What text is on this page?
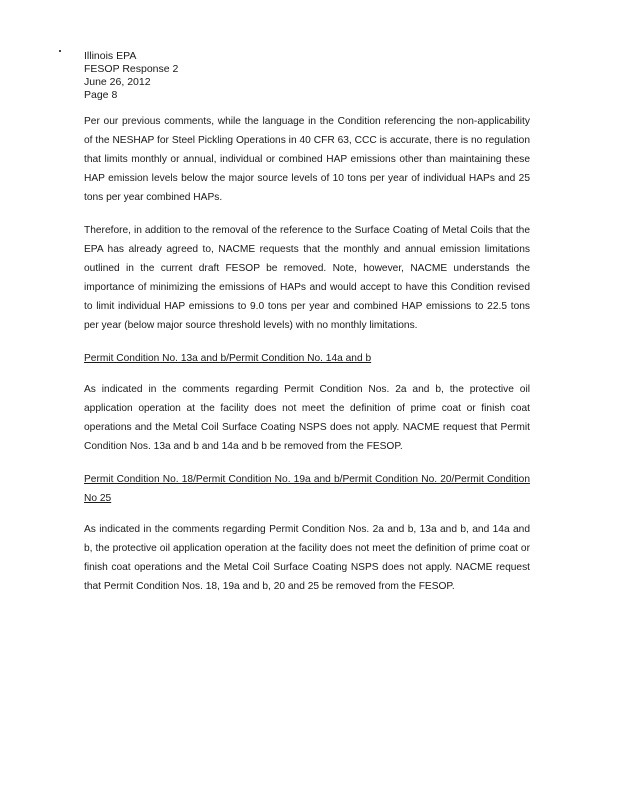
Illinois EPA
FESOP Response 2
June 26, 2012
Page 8

Per our previous comments, while the language in the Condition referencing the non-applicability of the NESHAP for Steel Pickling Operations in 40 CFR 63, CCC is accurate, there is no regulation that limits monthly or annual, individual or combined HAP emissions other than maintaining these HAP emission levels below the major source levels of 10 tons per year of individual HAPs and 25 tons per year combined HAPs.

Therefore, in addition to the removal of the reference to the Surface Coating of Metal Coils that the EPA has already agreed to, NACME requests that the monthly and annual emission limitations outlined in the current draft FESOP be removed. Note, however, NACME understands the importance of minimizing the emissions of HAPs and would accept to have this Condition revised to limit individual HAP emissions to 9.0 tons per year and combined HAP emissions to 22.5 tons per year (below major source threshold levels) with no monthly limitations.

Permit Condition No. 13a and b/Permit Condition No. 14a and b

As indicated in the comments regarding Permit Condition Nos. 2a and b, the protective oil application operation at the facility does not meet the definition of prime coat or finish coat operations and the Metal Coil Surface Coating NSPS does not apply. NACME request that Permit Condition Nos. 13a and b and 14a and b be removed from the FESOP.

Permit Condition No. 18/Permit Condition No. 19a and b/Permit Condition No. 20/Permit Condition No 25

As indicated in the comments regarding Permit Condition Nos. 2a and b, 13a and b, and 14a and b, the protective oil application operation at the facility does not meet the definition of prime coat or finish coat operations and the Metal Coil Surface Coating NSPS does not apply. NACME request that Permit Condition Nos. 18, 19a and b, 20 and 25 be removed from the FESOP.
